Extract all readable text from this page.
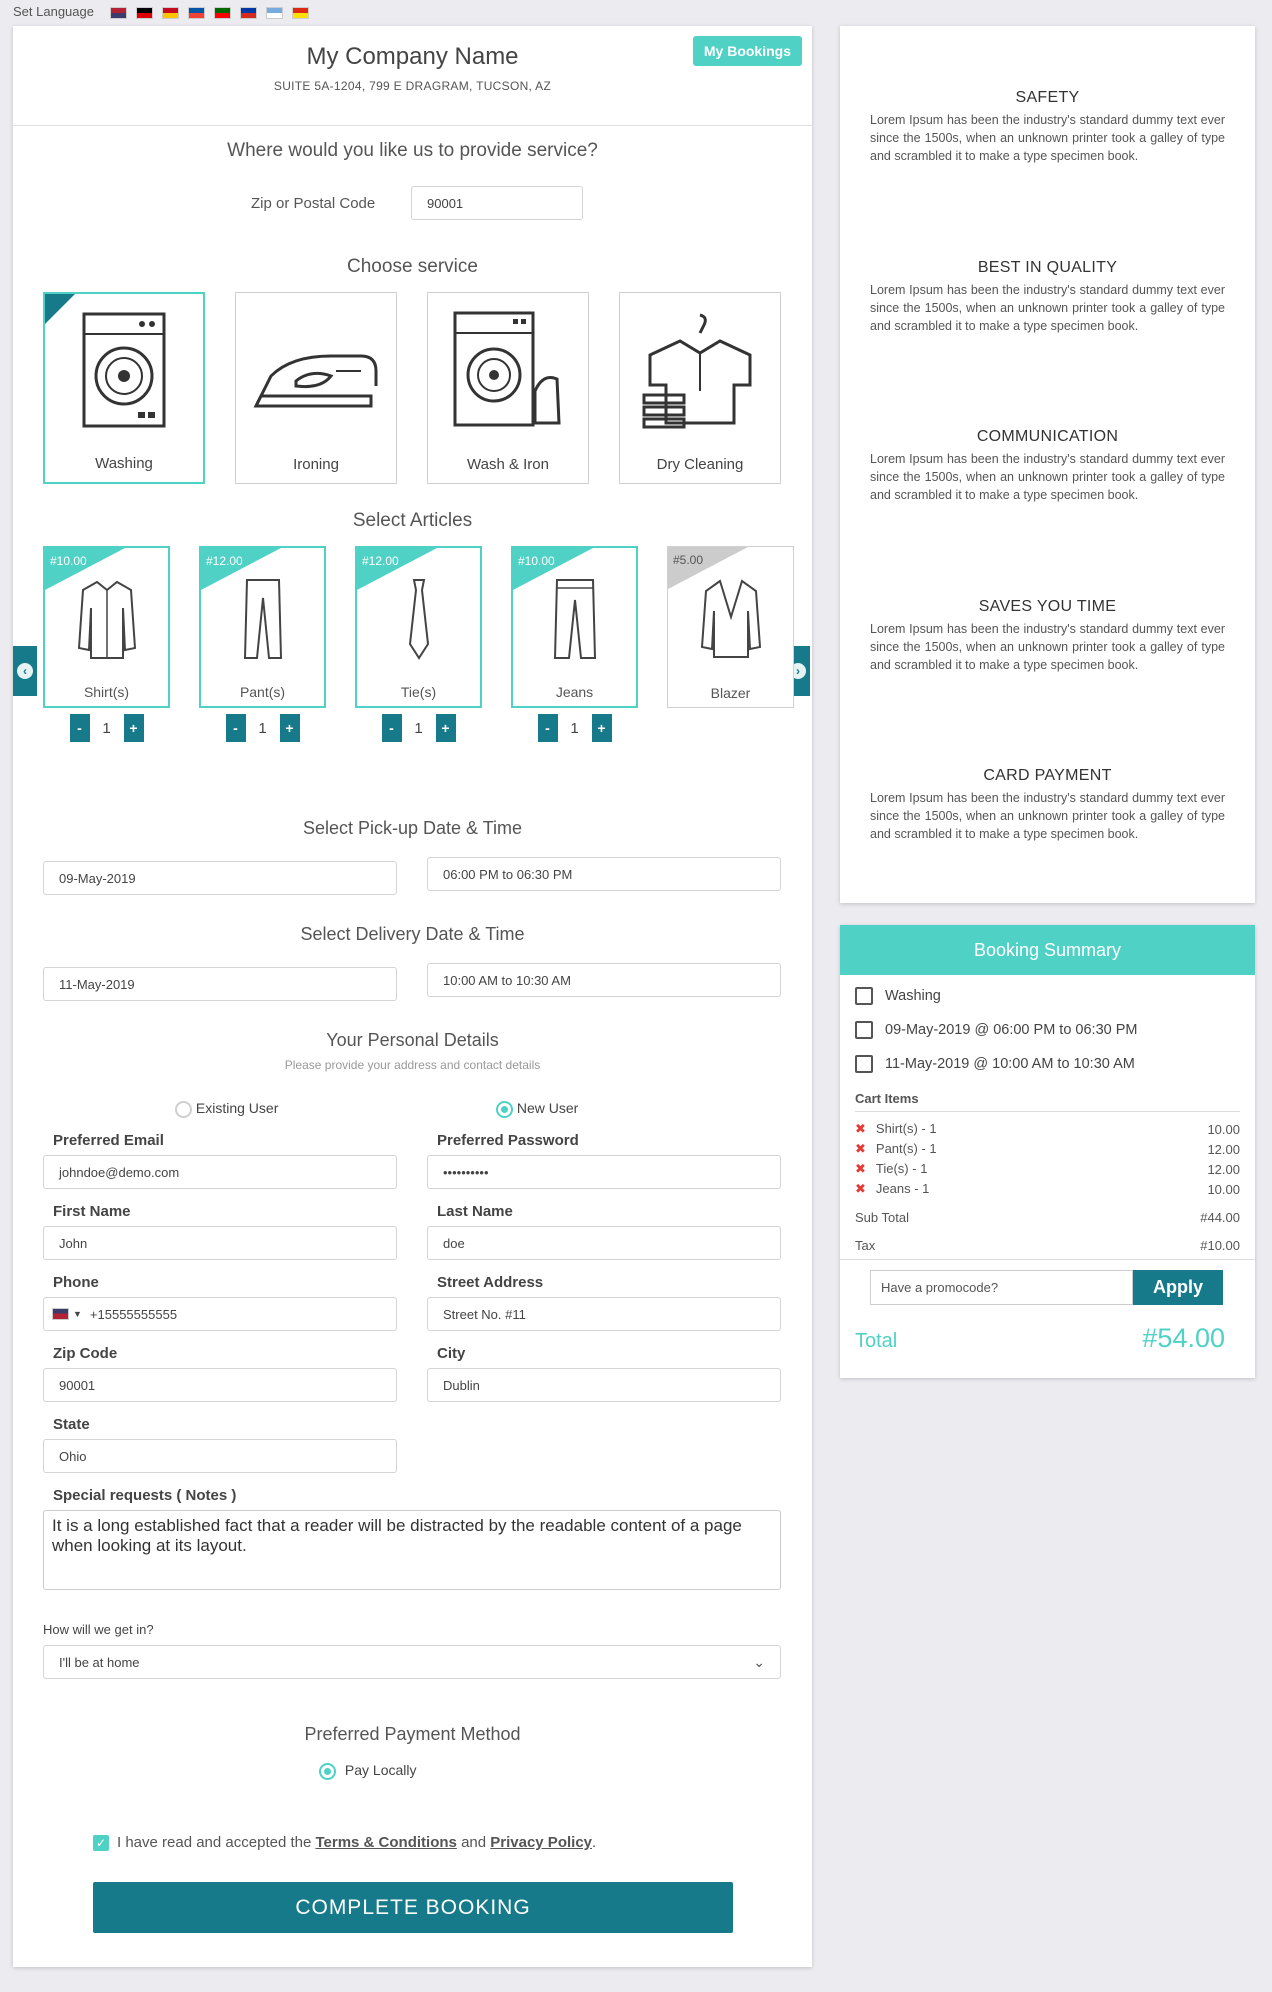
Set Language
My Company Name
SUITE 5A-1204, 799 E DRAGRAM, TUCSON, AZ
My Bookings
Where would you like us to provide service?
Zip or Postal Code	90001
Choose service
Washing	Ironing	Wash & Iron	Dry Cleaning
Select Articles
‹	›
#10.00
Shirt(s)
-	1	+
#12.00
Pant(s)
-	1	+
#12.00
Tie(s)
-	1	+
#10.00
Jeans
-	1	+
#5.00
Blazer
Select Pick-up Date & Time
09-May-2019	06:00 PM to 06:30 PM
Select Delivery Date & Time
11-May-2019	10:00 AM to 10:30 AM
Your Personal Details
Please provide your address and contact details
Existing User	New User
Preferred Email
johndoe@demo.com
Preferred Password
••••••••••
First Name
John
Last Name
doe
Phone
▼ +15555555555
Street Address
Street No. #11
Zip Code
90001
City
Dublin
State
Ohio
Special requests ( Notes )
It is a long established fact that a reader will be distracted by the readable content of a page when looking at its layout.
How will we get in?
I'll be at home	⌄
Preferred Payment Method
Pay Locally
✓ I have read and accepted the
Terms & Conditions
and
Privacy Policy .
COMPLETE BOOKING
SAFETY

Lorem Ipsum has been the industry's standard dummy text ever since the 1500s, when an unknown printer took a galley of type and scrambled it to make a type specimen book.

BEST IN QUALITY

Lorem Ipsum has been the industry's standard dummy text ever since the 1500s, when an unknown printer took a galley of type and scrambled it to make a type specimen book.

COMMUNICATION

Lorem Ipsum has been the industry's standard dummy text ever since the 1500s, when an unknown printer took a galley of type and scrambled it to make a type specimen book.

SAVES YOU TIME

Lorem Ipsum has been the industry's standard dummy text ever since the 1500s, when an unknown printer took a galley of type and scrambled it to make a type specimen book.

CARD PAYMENT

Lorem Ipsum has been the industry's standard dummy text ever since the 1500s, when an unknown printer took a galley of type and scrambled it to make a type specimen book.

Booking Summary
Washing
09-May-2019 @ 06:00 PM to 06:30 PM
11-May-2019 @ 10:00 AM to 10:30 AM
Cart Items
✖ Shirt(s) - 1	10.00
✖ Pant(s) - 1	12.00
✖ Tie(s) - 1	12.00
✖ Jeans - 1	10.00
Sub Total	#44.00
Tax	#10.00
Have a promocode?	Apply
Total	#54.00
